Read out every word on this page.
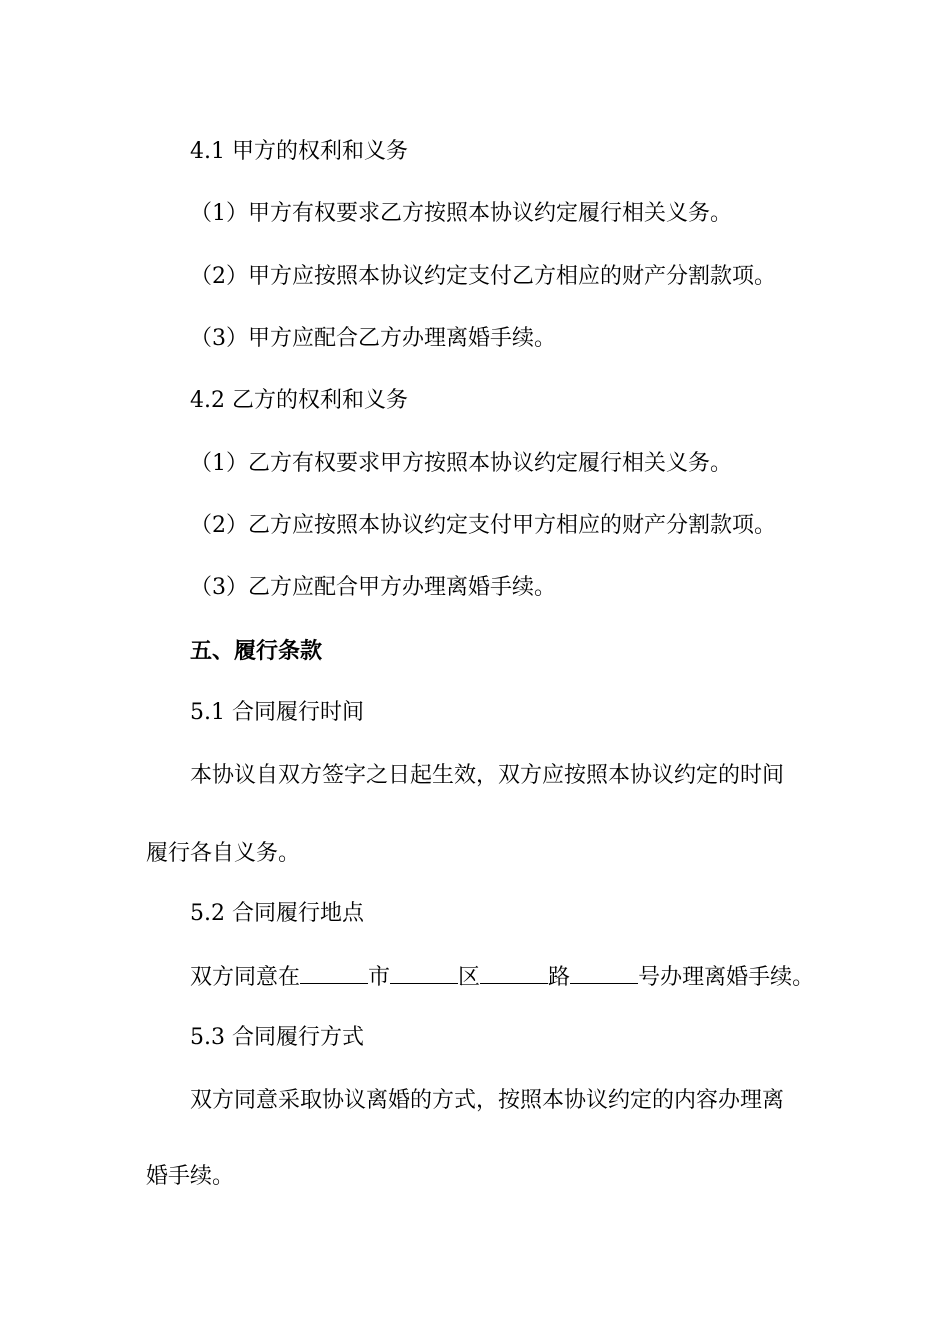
4.1 甲方的权利和义务

（1）甲方有权要求乙方按照本协议约定履行相关义务。

（2）甲方应按照本协议约定支付乙方相应的财产分割款项。

（3）甲方应配合乙方办理离婚手续。

4.2 乙方的权利和义务

（1）乙方有权要求甲方按照本协议约定履行相关义务。

（2）乙方应按照本协议约定支付甲方相应的财产分割款项。

（3）乙方应配合甲方办理离婚手续。

五、履行条款

5.1 合同履行时间

本协议自双方签字之日起生效，双方应按照本协议约定的时间

履行各自义务。

5.2 合同履行地点

双方同意在	市	区	路	号办理离婚手续。

5.3 合同履行方式

双方同意采取协议离婚的方式，按照本协议约定的内容办理离

婚手续。
